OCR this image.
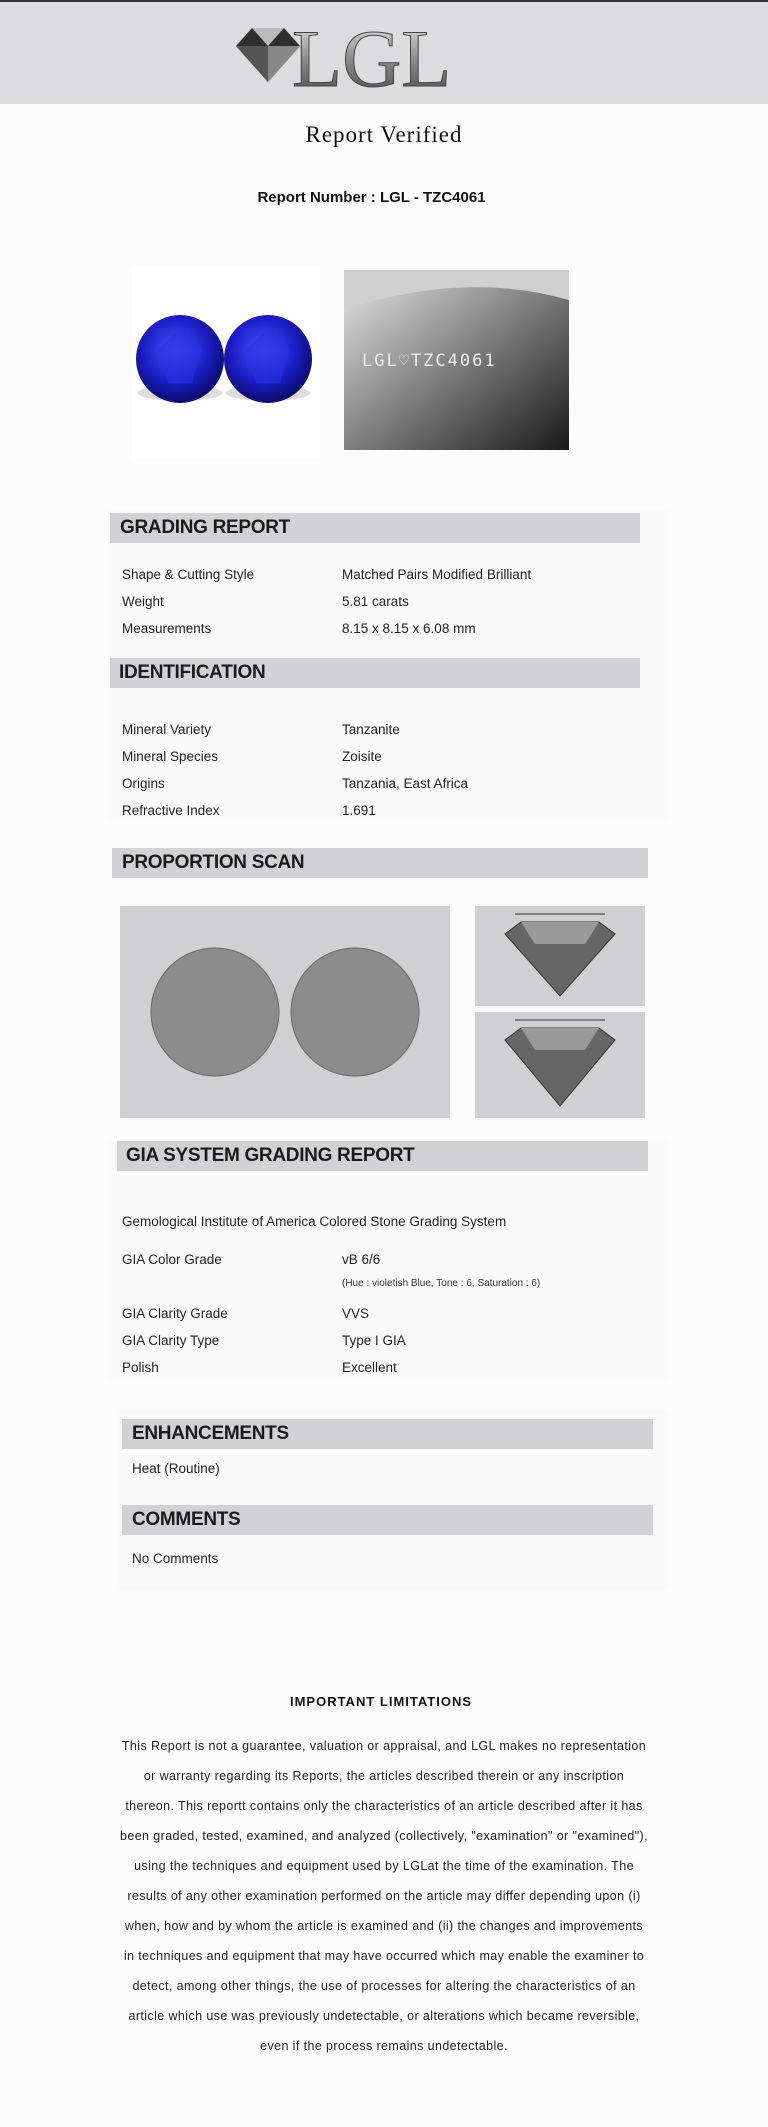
LGL
Report Verified
Report Number : LGL - TZC4061
LGL♡TZC4061
GRADING REPORT
Shape & Cutting Style	Matched Pairs Modified Brilliant
Weight	5.81 carats
Measurements	8.15 x 8.15 x 6.08 mm
IDENTIFICATION
Mineral Variety	Tanzanite
Mineral Species	Zoisite
Origins	Tanzania, East Africa
Refractive Index	1.691
PROPORTION SCAN
GIA SYSTEM GRADING REPORT
Gemological Institute of America Colored Stone Grading System
GIA Color Grade	vB 6/6
(Hue : violetish Blue, Tone : 6, Saturation : 6)
GIA Clarity Grade	VVS
GIA Clarity Type	Type I GIA
Polish	Excellent
ENHANCEMENTS
Heat (Routine)
COMMENTS
No Comments
IMPORTANT LIMITATIONS
This Report is not a guarantee, valuation or appraisal, and LGL makes no representation or warranty regarding its Reports, the articles described therein or any inscription thereon. This reportt contains only the characteristics of an article described after it has been graded, tested, examined, and analyzed (collectively, "examination" or "examined"), using the techniques and equipment used by LGLat the time of the examination. The results of any other examination performed on the article may differ depending upon (i) when, how and by whom the article is examined and (ii) the changes and improvements in techniques and equipment that may have occurred which may enable the examiner to detect, among other things, the use of processes for altering the characteristics of an article which use was previously undetectable, or alterations which became reversible, even if the process remains undetectable.
